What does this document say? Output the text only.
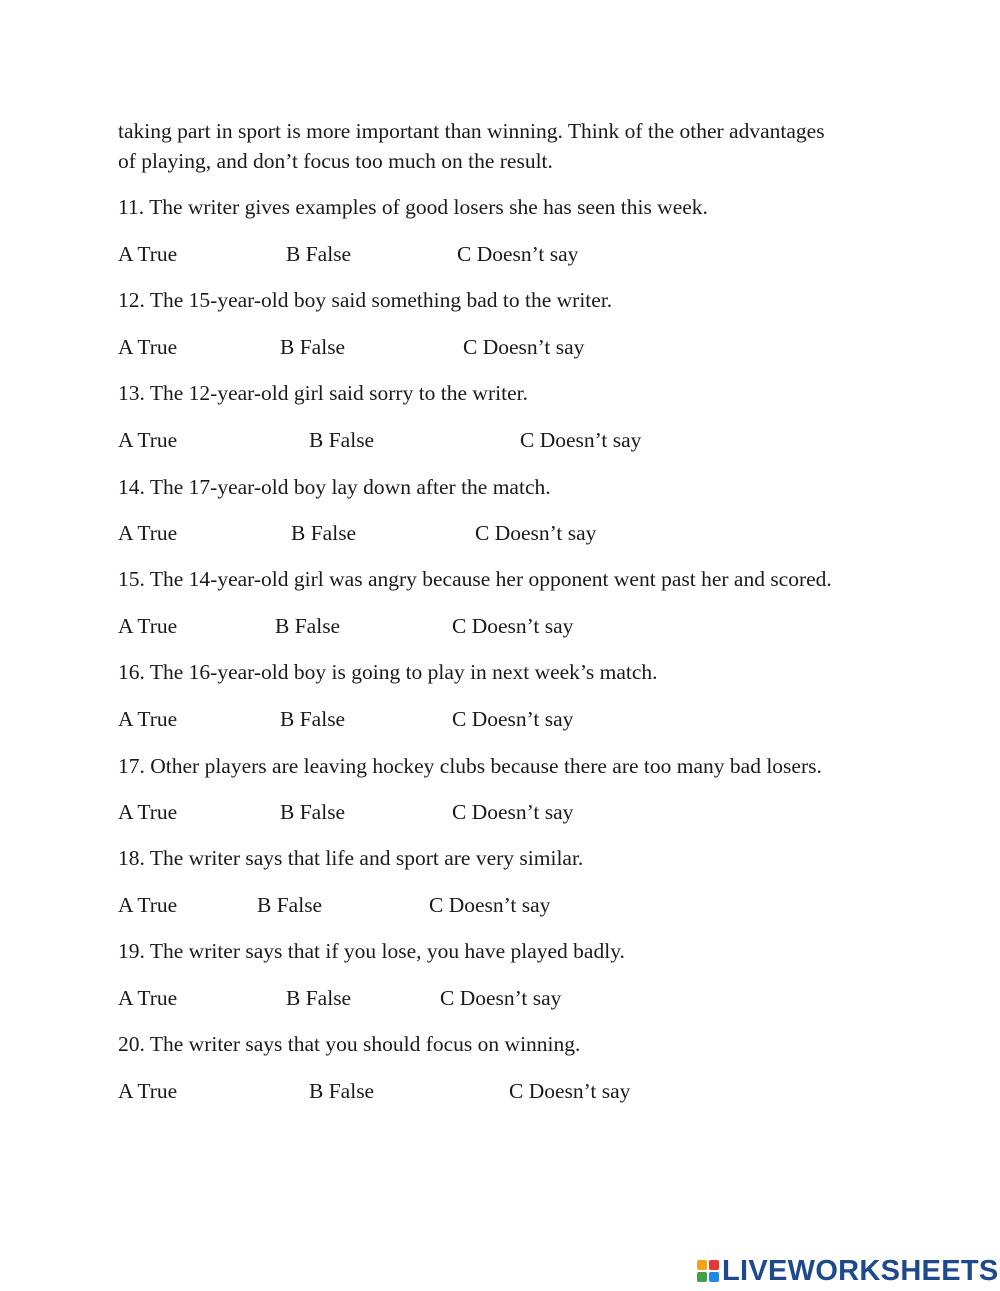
taking part in sport is more important than winning. Think of the other advantages
of playing, and don’t focus too much on the result.

11. The writer gives examples of good losers she has seen this week.

A True	B False	C Doesn’t say

12. The 15-year-old boy said something bad to the writer.

A True	B False	C Doesn’t say

13. The 12-year-old girl said sorry to the writer.

A True	B False	C Doesn’t say

14. The 17-year-old boy lay down after the match.

A True	B False	C Doesn’t say

15. The 14-year-old girl was angry because her opponent went past her and scored.

A True	B False	C Doesn’t say

16. The 16-year-old boy is going to play in next week’s match.

A True	B False	C Doesn’t say

17. Other players are leaving hockey clubs because there are too many bad losers.

A True	B False	C Doesn’t say

18. The writer says that life and sport are very similar.

A True	B False	C Doesn’t say

19. The writer says that if you lose, you have played badly.

A True	B False	C Doesn’t say

20. The writer says that you should focus on winning.

A True	B False	C Doesn’t say

LIVEWORKSHEETS
